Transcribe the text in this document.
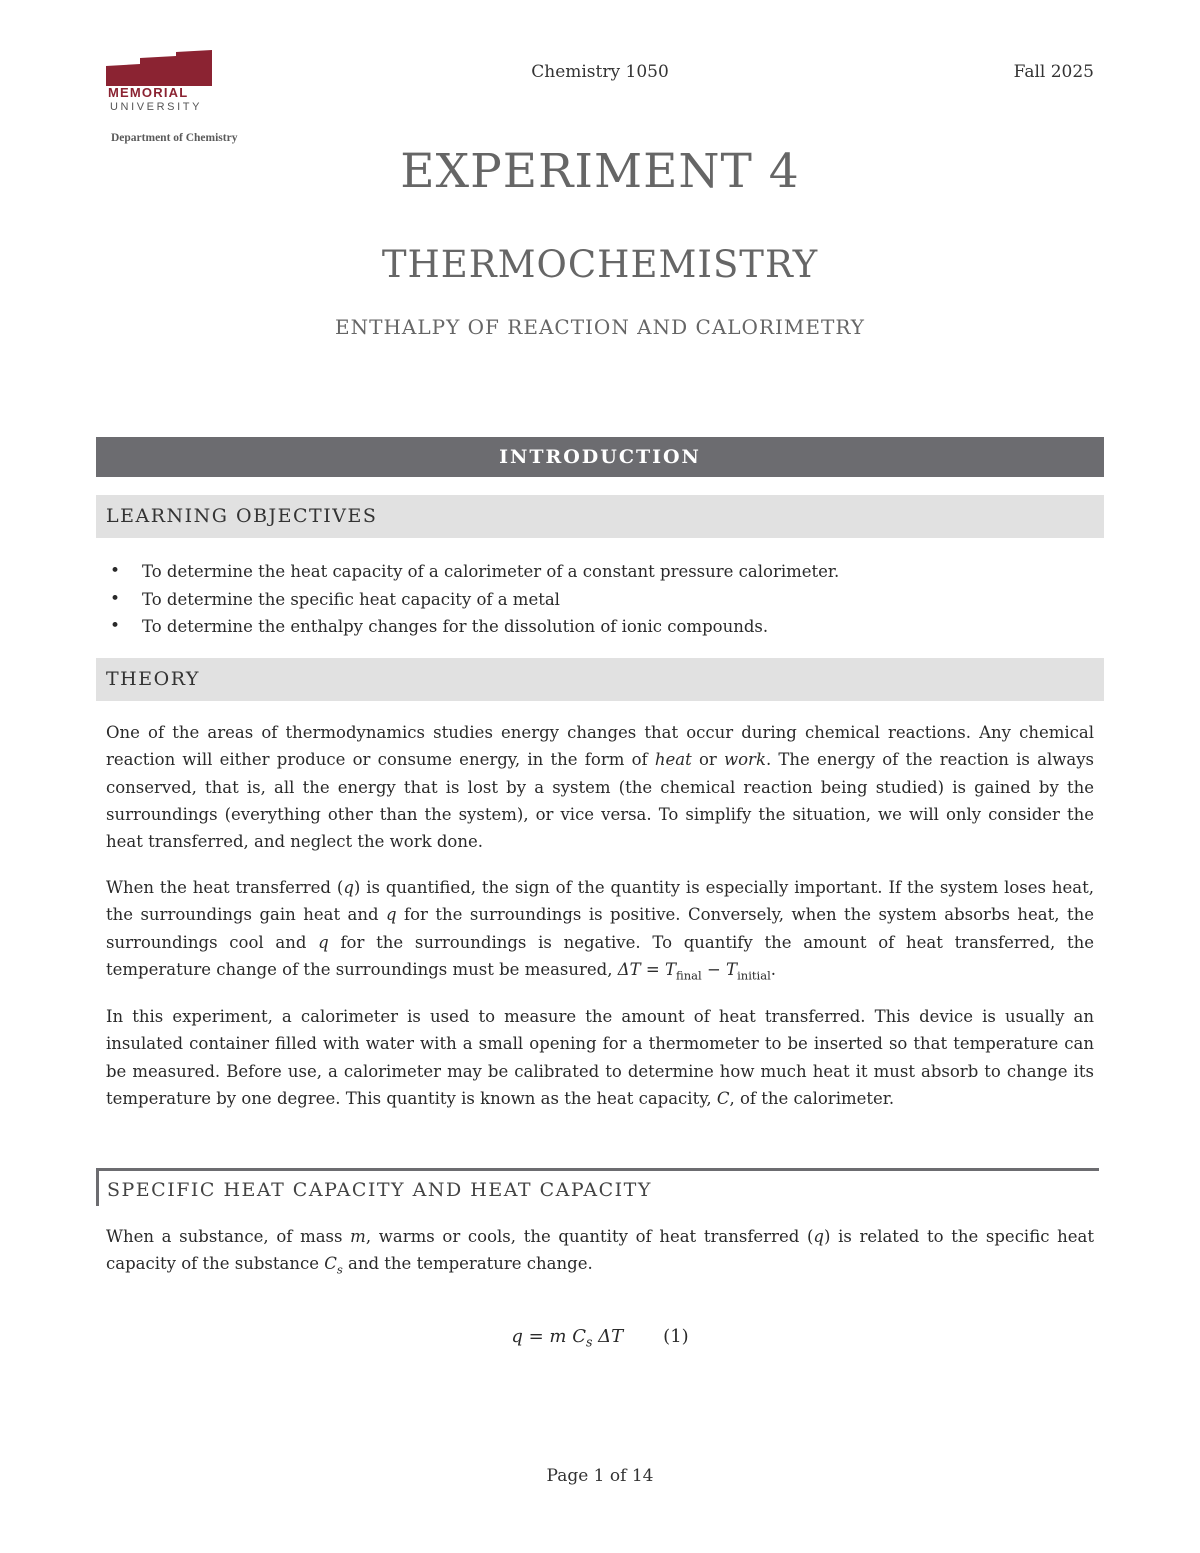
MEMORIAL
UNIVERSITY
Department of Chemistry
Chemistry 1050	Fall 2025
EXPERIMENT 4
THERMOCHEMISTRY
ENTHALPY OF REACTION AND CALORIMETRY
INTRODUCTION
LEARNING OBJECTIVES
• To determine the heat capacity of a calorimeter of a constant pressure calorimeter.
• To determine the specific heat capacity of a metal
• To determine the enthalpy changes for the dissolution of ionic compounds.
THEORY

One of the areas of thermodynamics studies energy changes that occur during chemical reactions. Any chemical reaction will either produce or consume energy, in the form of heat or work. The energy of the reaction is always conserved, that is, all the energy that is lost by a system (the chemical reaction being studied) is gained by the surroundings (everything other than the system), or vice versa. To simplify the situation, we will only consider the heat transferred, and neglect the work done.

When the heat transferred (q) is quantified, the sign of the quantity is especially important. If the system loses heat, the surroundings gain heat and q for the surroundings is positive. Conversely, when the system absorbs heat, the surroundings cool and q for the surroundings is negative. To quantify the amount of heat transferred, the temperature change of the surroundings must be measured, $\Delta T = T_{final} - T_{initial}$.

In this experiment, a calorimeter is used to measure the amount of heat transferred. This device is usually an insulated container filled with water with a small opening for a thermometer to be inserted so that temperature can be measured. Before use, a calorimeter may be calibrated to determine how much heat it must absorb to change its temperature by one degree. This quantity is known as the heat capacity, C, of the calorimeter.

SPECIFIC HEAT CAPACITY AND HEAT CAPACITY

When a substance, of mass m, warms or cools, the quantity of heat transferred (q) is related to the specific heat capacity of the substance $C_s$ and the temperature change.

q = m $C_s$ ΔT (1)
Page 1 of 14
